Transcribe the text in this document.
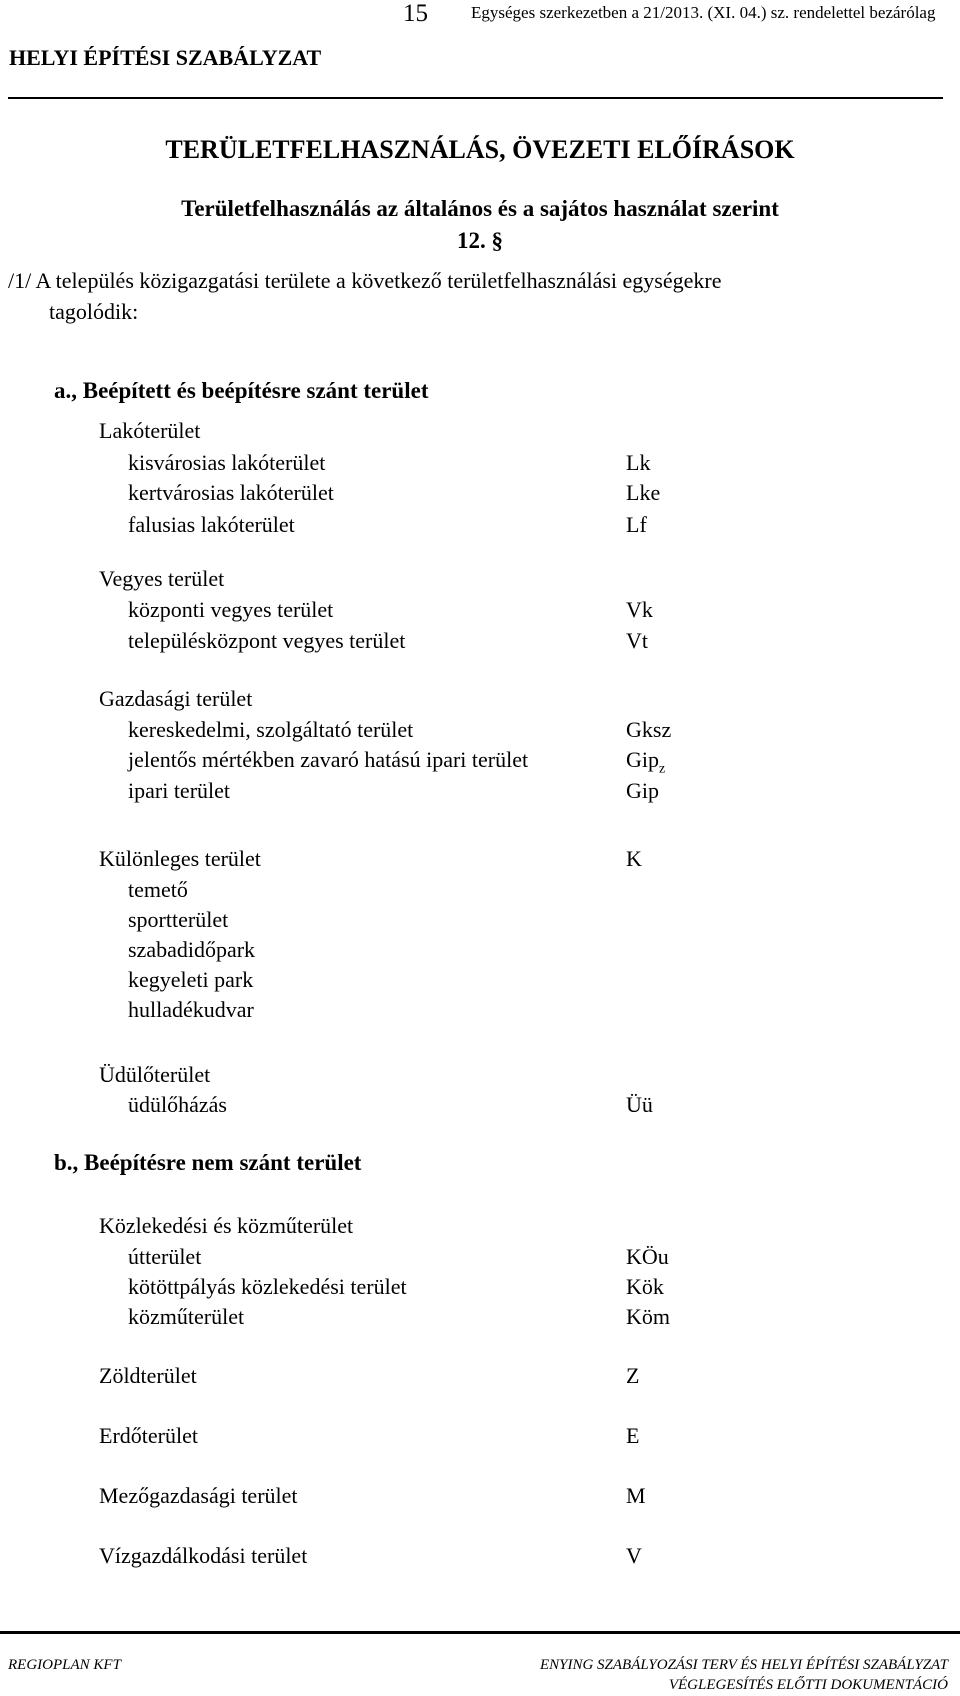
15	Egységes szerkezetben a 21/2013. (XI. 04.) sz. rendelettel bezárólag
HELYI ÉPÍTÉSI SZABÁLYZAT
TERÜLETFELHASZNÁLÁS, ÖVEZETI ELŐÍRÁSOK
Területfelhasználás az általános és a sajátos használat szerint
12. §
/1/ A település közigazgatási területe a következő területfelhasználási egységekre
tagolódik:
a., Beépített és beépítésre szánt terület
Lakóterület
kisvárosias lakóterület	Lk
kertvárosias lakóterület	Lke
falusias lakóterület	Lf
Vegyes terület
központi vegyes terület	Vk
településközpont vegyes terület	Vt
Gazdasági terület
kereskedelmi, szolgáltató terület	Gksz
jelentős mértékben zavaró hatású ipari terület	Gip$_z$
ipari terület	Gip
Különleges terület	K
temető
sportterület
szabadidőpark
kegyeleti park
hulladékudvar
Üdülőterület
üdülőházás	Üü
b., Beépítésre nem szánt terület
Közlekedési és közműterület
útterület	KÖu
kötöttpályás közlekedési terület	Kök
közműterület	Köm
Zöldterület	Z
Erdőterület	E
Mezőgazdasági terület	M
Vízgazdálkodási terület	V
REGIOPLAN KFT	ENYING SZABÁLYOZÁSI TERV ÉS HELYI ÉPÍTÉSI SZABÁLYZAT
VÉGLEGESÍTÉS ELŐTTI DOKUMENTÁCIÓ
